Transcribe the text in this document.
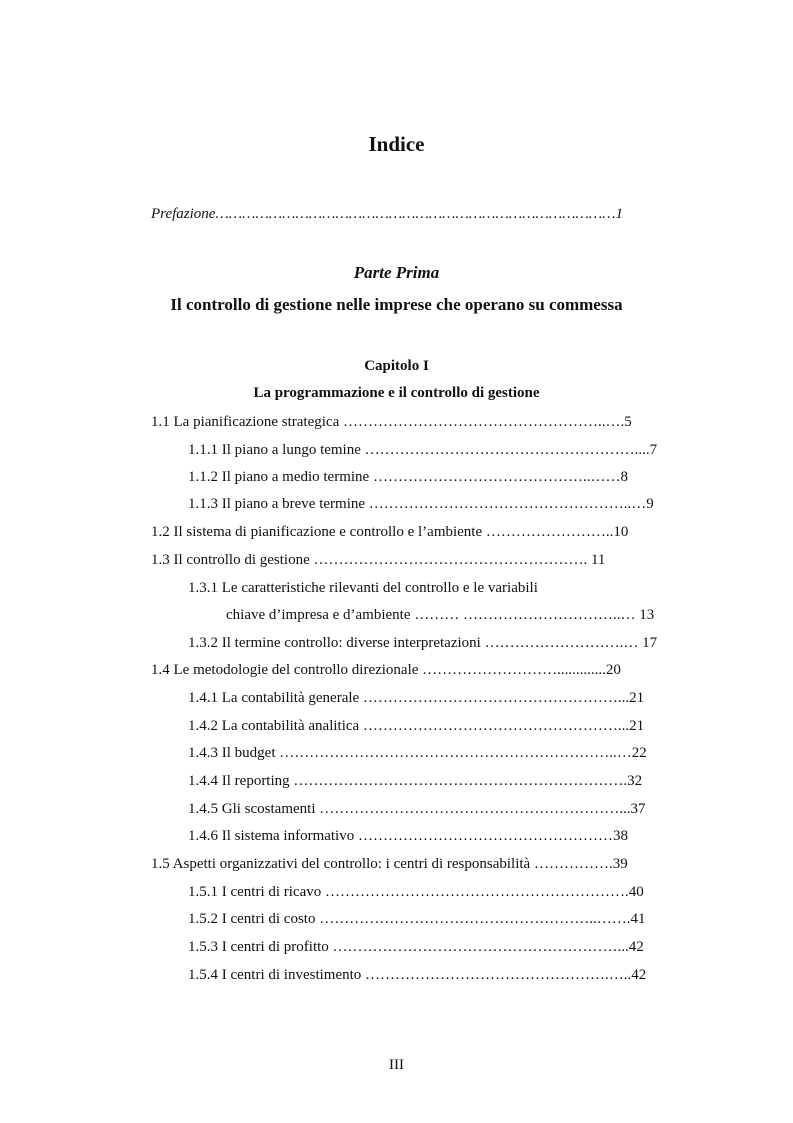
Indice
Prefazione………………………………………………………………………………1
Parte Prima
Il controllo di gestione nelle imprese che operano su commessa
Capitolo I
La programmazione e il controllo di gestione
1.1 La pianificazione strategica ……………………………………………..….5
1.1.1 Il piano a lungo temine ………………………………………………....7
1.1.2 Il piano a medio termine ……………………………………..……8
1.1.3 Il piano a breve termine ……………………………………………..…9
1.2 Il sistema di pianificazione e controllo e l’ambiente ……………………..10
1.3 Il controllo di gestione ………………………………………………. 11
1.3.1 Le caratteristiche rilevanti del controllo e le variabili
chiave d’impresa e d’ambiente ……… …………………………..… 13
1.3.2 Il termine controllo: diverse interpretazioni ……………………….… 17
1.4 Le metodologie del controllo direzionale ……………………….............20
1.4.1 La contabilità generale ……………………………………………...21
1.4.2 La contabilità analitica ……………………………………………...21
1.4.3 Il budget …………………………………………………………..…22
1.4.4 Il reporting ………………………………………………………….32
1.4.5 Gli scostamenti ……………………………………………………...37
1.4.6 Il sistema informativo ……………………………………………38
1.5 Aspetti organizzativi del controllo: i centri di responsabilità …………….39
1.5.1 I centri di ricavo …………………………………………………….40
1.5.2 I centri di costo ………………………………………………..…….41
1.5.3 I centri di profitto …………………………………………………...42
1.5.4 I centri di investimento ………………………………………….…..42
III
